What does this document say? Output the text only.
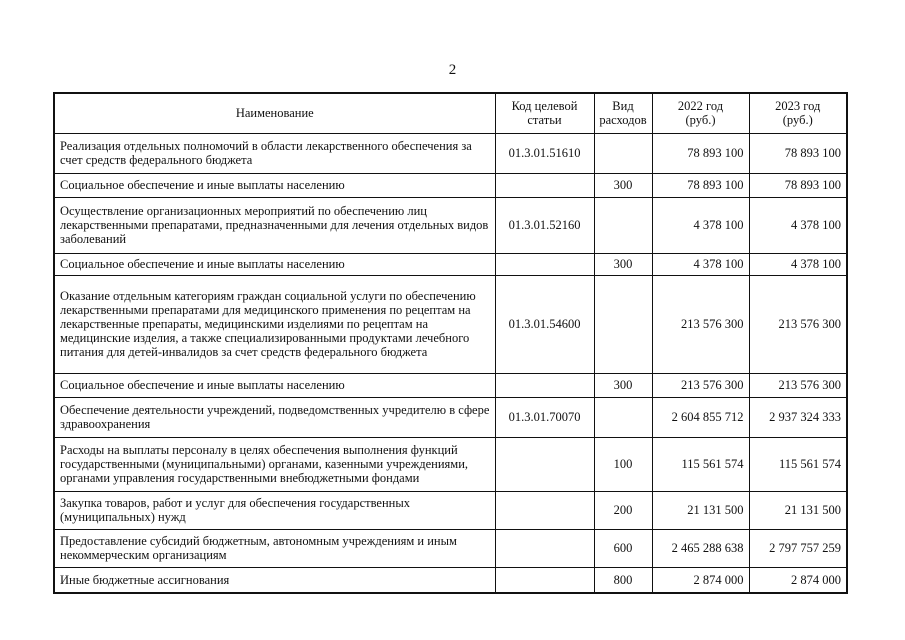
2
Наименование	Код целевой статьи	Вид расходов	2022 год (руб.)	2023 год (руб.)
Реализация отдельных полномочий в области лекарственного обеспечения за счет средств федерального бюджета	01.3.01.51610		78 893 100	78 893 100
Социальное обеспечение и иные выплаты населению		300	78 893 100	78 893 100
Осуществление организационных мероприятий по обеспечению лиц лекарственными препаратами, предназначенными для лечения отдельных видов заболеваний	01.3.01.52160		4 378 100	4 378 100
Социальное обеспечение и иные выплаты населению		300	4 378 100	4 378 100
Оказание отдельным категориям граждан социальной услуги по обеспечению лекарственными препаратами для медицинского применения по рецептам на лекарственные препараты, медицинскими изделиями по рецептам на медицинские изделия, а также специализированными продуктами лечебного питания для детей-инвалидов за счет средств федерального бюджета	01.3.01.54600		213 576 300	213 576 300
Социальное обеспечение и иные выплаты населению		300	213 576 300	213 576 300
Обеспечение деятельности учреждений, подведомственных учредителю в сфере здравоохранения	01.3.01.70070		2 604 855 712	2 937 324 333
Расходы на выплаты персоналу в целях обеспечения выполнения функций государственными (муниципальными) органами, казенными учреждениями, органами управления государственными внебюджетными фондами		100	115 561 574	115 561 574
Закупка товаров, работ и услуг для обеспечения государственных (муниципальных) нужд		200	21 131 500	21 131 500
Предоставление субсидий бюджетным, автономным учреждениям и иным некоммерческим организациям		600	2 465 288 638	2 797 757 259
Иные бюджетные ассигнования		800	2 874 000	2 874 000
